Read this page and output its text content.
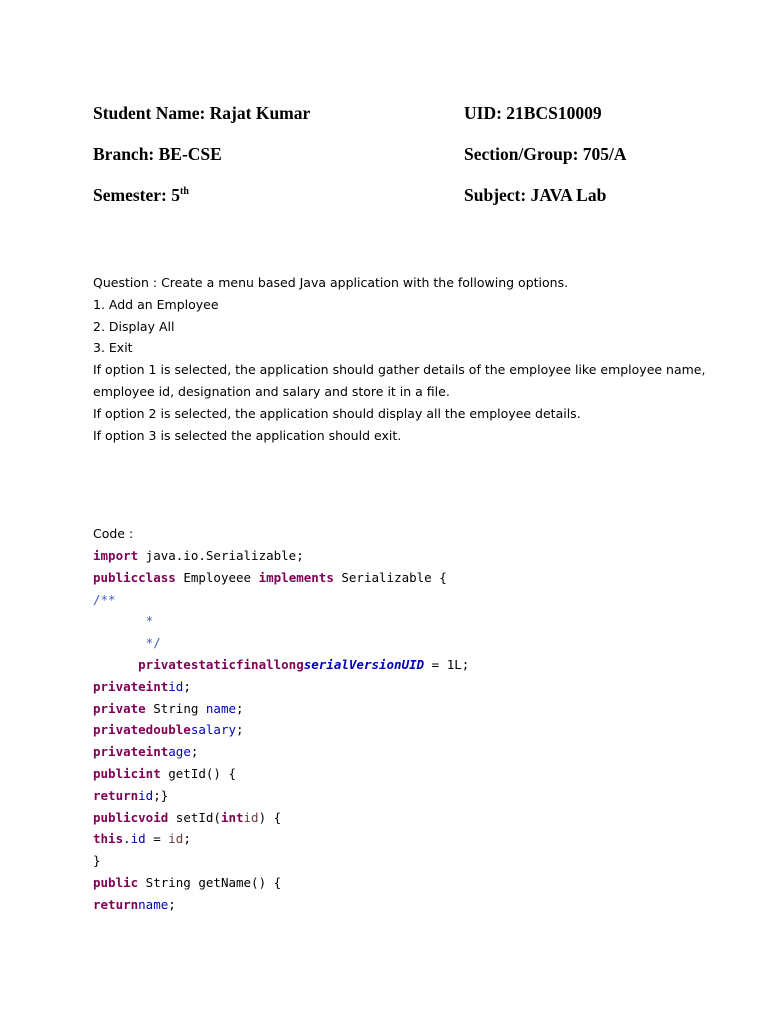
Student Name: Rajat Kumar	UID: 21BCS10009
Branch: BE-CSE	Section/Group: 705/A
Semester: 5th	Subject: JAVA Lab
Question : Create a menu based Java application with the following options.
1. Add an Employee
2. Display All
3. Exit
If option 1 is selected, the application should gather details of the employee like employee name,
employee id, designation and salary and store it in a file.
If option 2 is selected, the application should display all the employee details.
If option 3 is selected the application should exit.
Code :
import java.io.Serializable;
publicclass Employeee implements Serializable {
/**
*
*/
privatestaticfinallongserialVersionUID = 1L;
privateintid;
private String name;
privatedoublesalary;
privateintage;
publicint getId() {
returnid;}
publicvoid setId(intid) {
this.id = id;
}
public String getName() {
returnname;
